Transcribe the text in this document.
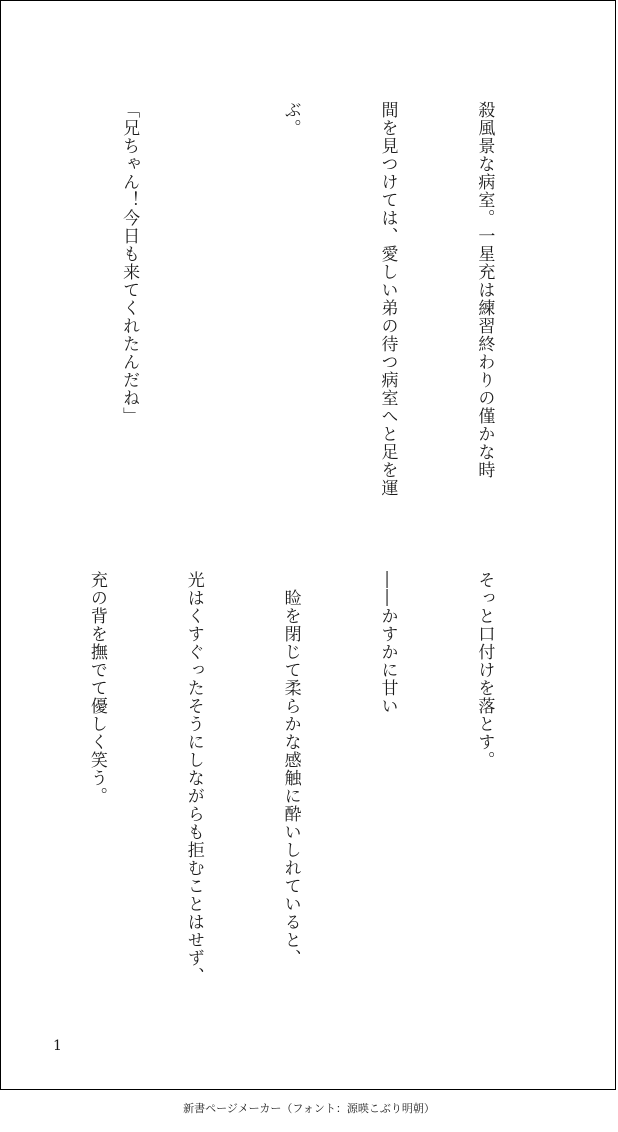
殺風景な病室。一星充は練習終わりの僅かな時

間を見つけては、愛しい弟の待つ病室へと足を運

ぶ。

「兄ちゃん！今日も来てくれたんだね」

そっと口付けを落とす。

――かすかに甘い

　睑を閉じて柔らかな感触に酔いしれていると、

光はくすぐったそうにしながらも拒むことはせず、

充の背を撫でて優しく笑う。

1
新書ページメーカー（フォント：源暎こぶり明朝）
